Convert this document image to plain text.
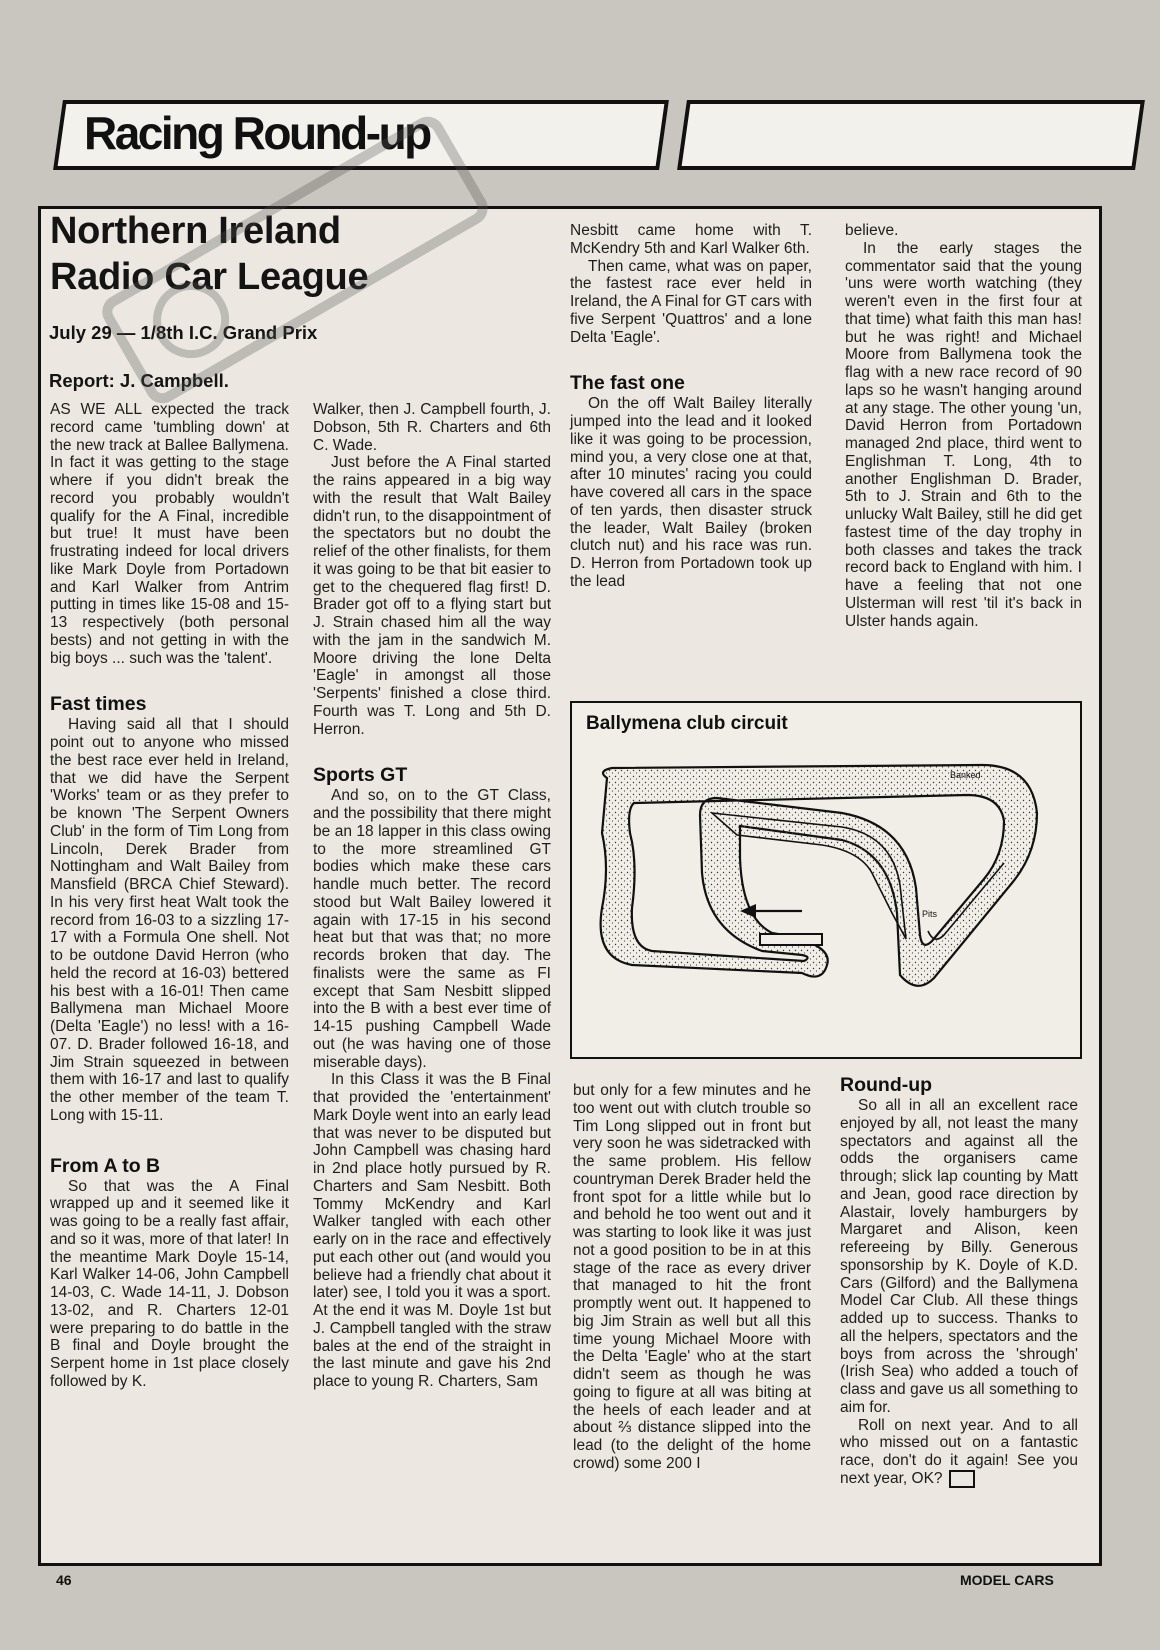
Racing Round-up
Northern Ireland
Radio Car League
July 29 — 1/8th I.C. Grand Prix
Report: J. Campbell.

AS WE ALL expected the track record came 'tumbling down' at the new track at Ballee Ballymena. In fact it was getting to the stage where if you didn't break the record you probably wouldn't qualify for the A Final, incredible but true! It must have been frustrating indeed for local drivers like Mark Doyle from Portadown and Karl Walker from Antrim putting in times like 15-08 and 15-13 respectively (both personal bests) and not getting in with the big boys ... such was the 'talent'.

Fast times

Having said all that I should point out to anyone who missed the best race ever held in Ireland, that we did have the Serpent 'Works' team or as they prefer to be known 'The Serpent Owners Club' in the form of Tim Long from Lincoln, Derek Brader from Nottingham and Walt Bailey from Mansfield (BRCA Chief Steward). In his very first heat Walt took the record from 16-03 to a sizzling 17-17 with a Formula One shell. Not to be outdone David Herron (who held the record at 16-03) bettered his best with a 16-01! Then came Ballymena man Michael Moore (Delta 'Eagle') no less! with a 16-07. D. Brader followed 16-18, and Jim Strain squeezed in between them with 16-17 and last to qualify the other member of the team T. Long with 15-11.

From A to B

So that was the A Final wrapped up and it seemed like it was going to be a really fast affair, and so it was, more of that later! In the meantime Mark Doyle 15-14, Karl Walker 14-06, John Campbell 14-03, C. Wade 14-11, J. Dobson 13-02, and R. Charters 12-01 were preparing to do battle in the B final and Doyle brought the Serpent home in 1st place closely followed by K.

Walker, then J. Campbell fourth, J. Dobson, 5th R. Charters and 6th C. Wade.

Just before the A Final started the rains appeared in a big way with the result that Walt Bailey didn't run, to the disappointment of the spectators but no doubt the relief of the other finalists, for them it was going to be that bit easier to get to the chequered flag first! D. Brader got off to a flying start but J. Strain chased him all the way with the jam in the sandwich M. Moore driving the lone Delta 'Eagle' in amongst all those 'Serpents' finished a close third. Fourth was T. Long and 5th D. Herron.

Sports GT

And so, on to the GT Class, and the possibility that there might be an 18 lapper in this class owing to the more streamlined GT bodies which make these cars handle much better. The record stood but Walt Bailey lowered it again with 17-15 in his second heat but that was that; no more records broken that day. The finalists were the same as FI except that Sam Nesbitt slipped into the B with a best ever time of 14-15 pushing Campbell Wade out (he was having one of those miserable days).

In this Class it was the B Final that provided the 'entertainment' Mark Doyle went into an early lead that was never to be disputed but John Campbell was chasing hard in 2nd place hotly pursued by R. Charters and Sam Nesbitt. Both Tommy McKendry and Karl Walker tangled with each other early on in the race and effectively put each other out (and would you believe had a friendly chat about it later) see, I told you it was a sport. At the end it was M. Doyle 1st but J. Campbell tangled with the straw bales at the end of the straight in the last minute and gave his 2nd place to young R. Charters, Sam

Nesbitt came home with T. McKendry 5th and Karl Walker 6th.

Then came, what was on paper, the fastest race ever held in Ireland, the A Final for GT cars with five Serpent 'Quattros' and a lone Delta 'Eagle'.

The fast one

On the off Walt Bailey literally jumped into the lead and it looked like it was going to be procession, mind you, a very close one at that, after 10 minutes' racing you could have covered all cars in the space of ten yards, then disaster struck the leader, Walt Bailey (broken clutch nut) and his race was run. D. Herron from Portadown took up the lead

believe.

In the early stages the commentator said that the young 'uns were worth watching (they weren't even in the first four at that time) what faith this man has! but he was right! and Michael Moore from Ballymena took the flag with a new race record of 90 laps so he wasn't hanging around at any stage. The other young 'un, David Herron from Portadown managed 2nd place, third went to Englishman T. Long, 4th to another Englishman D. Brader, 5th to J. Strain and 6th to the unlucky Walt Bailey, still he did get fastest time of the day trophy in both classes and takes the track record back to England with him. I have a feeling that not one Ulsterman will rest 'til it's back in Ulster hands again.

Ballymena club circuit
Banked
Pits

but only for a few minutes and he too went out with clutch trouble so Tim Long slipped out in front but very soon he was sidetracked with the same problem. His fellow countryman Derek Brader held the front spot for a little while but lo and behold he too went out and it was starting to look like it was just not a good position to be in at this stage of the race as every driver that managed to hit the front promptly went out. It happened to big Jim Strain as well but all this time young Michael Moore with the Delta 'Eagle' who at the start didn't seem as though he was going to figure at all was biting at the heels of each leader and at about ⅔ distance slipped into the lead (to the delight of the home crowd) some 200 I

Round-up

So all in all an excellent race enjoyed by all, not least the many spectators and against all the odds the organisers came through; slick lap counting by Matt and Jean, good race direction by Alastair, lovely hamburgers by Margaret and Alison, keen refereeing by Billy. Generous sponsorship by K. Doyle of K.D. Cars (Gilford) and the Ballymena Model Car Club. All these things added up to success. Thanks to all the helpers, spectators and the boys from across the 'shrough' (Irish Sea) who added a touch of class and gave us all something to aim for.

Roll on next year. And to all who missed out on a fantastic race, don't do it again! See you next year, OK?

46	MODEL CARS
